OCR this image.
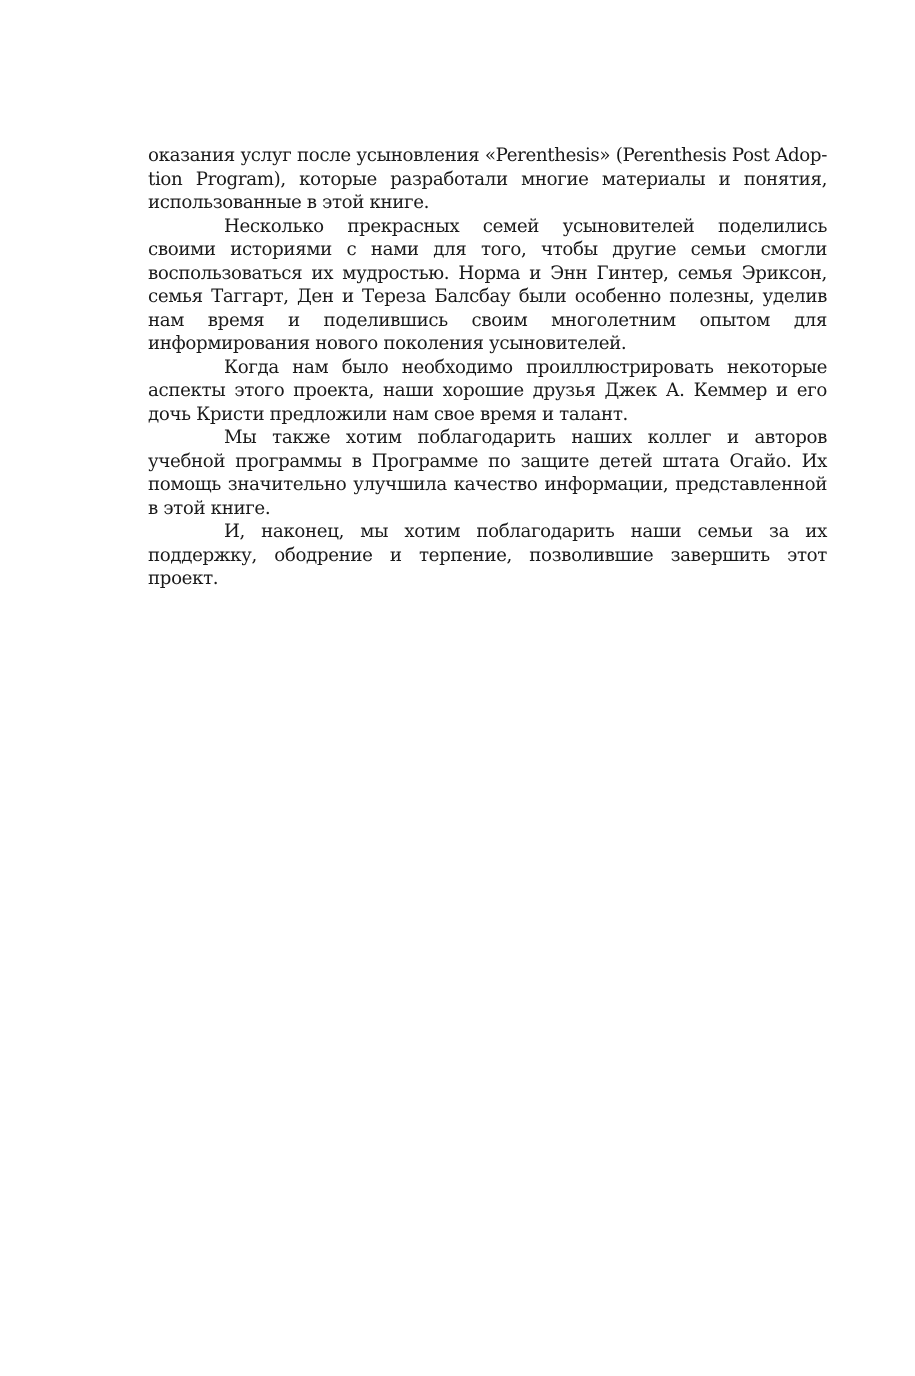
оказания услуг после усыновления «Perenthesis» (Perenthesis Post Adop-tion Program), которые разработали многие материалы и понятия, использованные в этой книге.

Несколько прекрасных семей усыновителей поделились своими историями с нами для того, чтобы другие семьи смогли воспользоваться их мудростью. Норма и Энн Гинтер, семья Эриксон, семья Таггарт, Ден и Тереза Балсбау были особенно полезны, уделив нам время и поделившись своим многолетним опытом для информирования нового поколения усыновителей.

Когда нам было необходимо проиллюстрировать некоторые аспекты этого проекта, наши хорошие друзья Джек А. Кеммер и его дочь Кристи предложили нам свое время и талант.

Мы также хотим поблагодарить наших коллег и авторов учебной программы в Программе по защите детей штата Огайо. Их помощь значительно улучшила качество информации, представленной в этой книге.

И, наконец, мы хотим поблагодарить наши семьи за их поддержку, ободрение и терпение, позволившие завершить этот проект.
